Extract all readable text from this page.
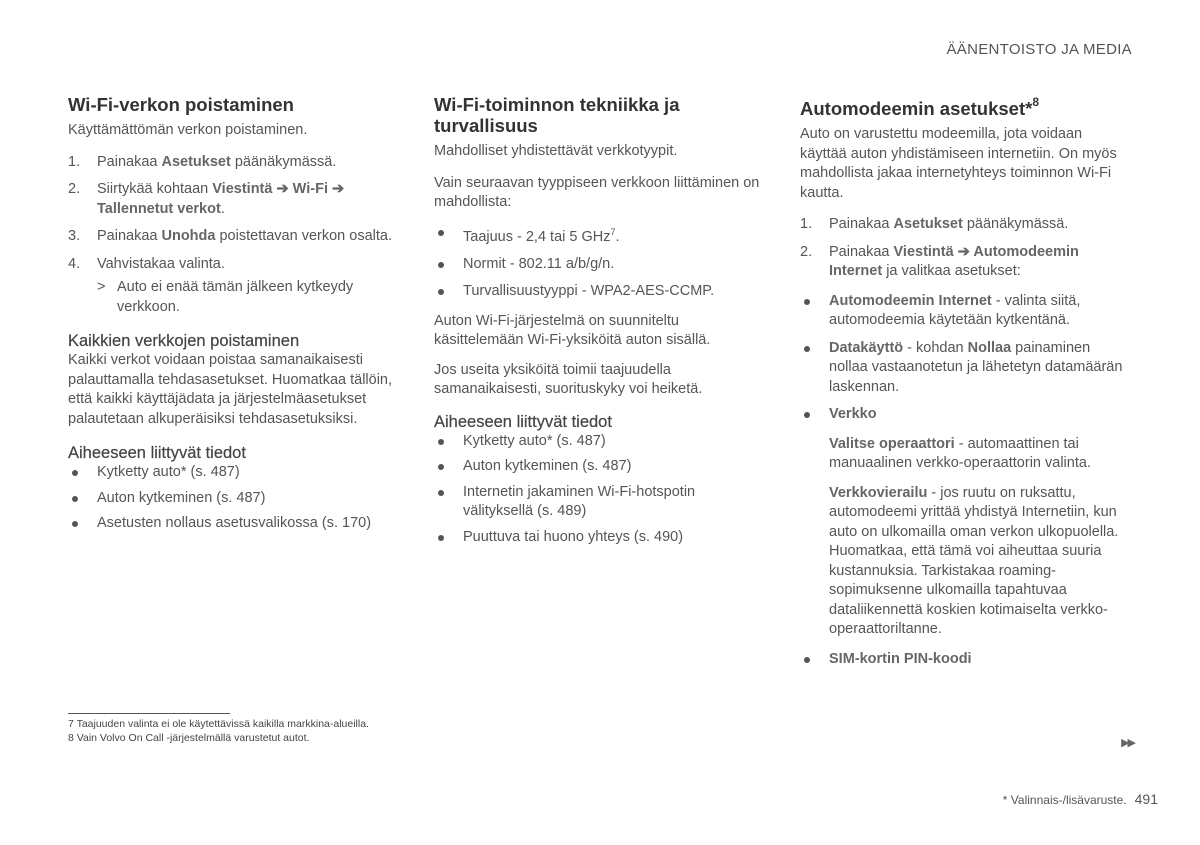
ÄÄNENTOISTO JA MEDIA
Wi-Fi-verkon poistaminen

Käyttämättömän verkon poistaminen.

1. Painakaa Asetukset päänäkymässä.
2. Siirtykää kohtaan Viestintä ➔ Wi-Fi ➔ Tallennetut verkot.
3. Painakaa Unohda poistettavan verkon osalta.
4. Vahvistakaa valinta.
> Auto ei enää tämän jälkeen kytkeydy verkkoon.
Kaikkien verkkojen poistaminen

Kaikki verkot voidaan poistaa samanaikaisesti palauttamalla tehdasasetukset. Huomatkaa tällöin, että kaikki käyttäjädata ja järjestelmäasetukset palautetaan alkuperäisiksi tehdasasetuksiksi.

Aiheeseen liittyvät tiedot
Kytketty auto* (s. 487)
Auton kytkeminen (s. 487)
Asetusten nollaus asetusvalikossa (s. 170)
Wi-Fi-toiminnon tekniikka ja turvallisuus

Mahdolliset yhdistettävät verkkotyypit.

Vain seuraavan tyyppiseen verkkoon liittäminen on mahdollista:

Taajuus - 2,4 tai 5 GHz$^7$.
Normit - 802.11 a/b/g/n.
Turvallisuustyyppi - WPA2-AES-CCMP.

Auton Wi-Fi-järjestelmä on suunniteltu käsittelemään Wi-Fi-yksiköitä auton sisällä.

Jos useita yksiköitä toimii taajuudella samanaikaisesti, suorituskyky voi heiketä.

Aiheeseen liittyvät tiedot
Kytketty auto* (s. 487)
Auton kytkeminen (s. 487)
Internetin jakaminen Wi-Fi-hotspotin välityksellä (s. 489)
Puuttuva tai huono yhteys (s. 490)
Automodeemin asetukset*$^8$

Auto on varustettu modeemilla, jota voidaan käyttää auton yhdistämiseen internetiin. On myös mahdollista jakaa internetyhteys toiminnon Wi-Fi kautta.

1. Painakaa Asetukset päänäkymässä.
2. Painakaa Viestintä ➔ Automodeemin Internet ja valitkaa asetukset:
Automodeemin Internet - valinta siitä, automodeemia käytetään kytkentänä.
Datakäyttö - kohdan Nollaa painaminen nollaa vastaanotetun ja lähetetyn datamäärän laskennan.
Verkko

Valitse operaattori - automaattinen tai manuaalinen verkko-operaattorin valinta.

Verkkovierailu - jos ruutu on ruksattu, automodeemi yrittää yhdistyä Internetiin, kun auto on ulkomailla oman verkon ulkopuolella. Huomatkaa, että tämä voi aiheuttaa suuria kustannuksia. Tarkistakaa roaming-sopimuksenne ulkomailla tapahtuvaa dataliikennettä koskien kotimaiselta verkko-operaattoriltanne.

SIM-kortin PIN-koodi
7 Taajuuden valinta ei ole käytettävissä kaikilla markkina-alueilla.
8 Vain Volvo On Call -järjestelmällä varustetut autot.	▶▶
* Valinnais-/lisävaruste. 491
